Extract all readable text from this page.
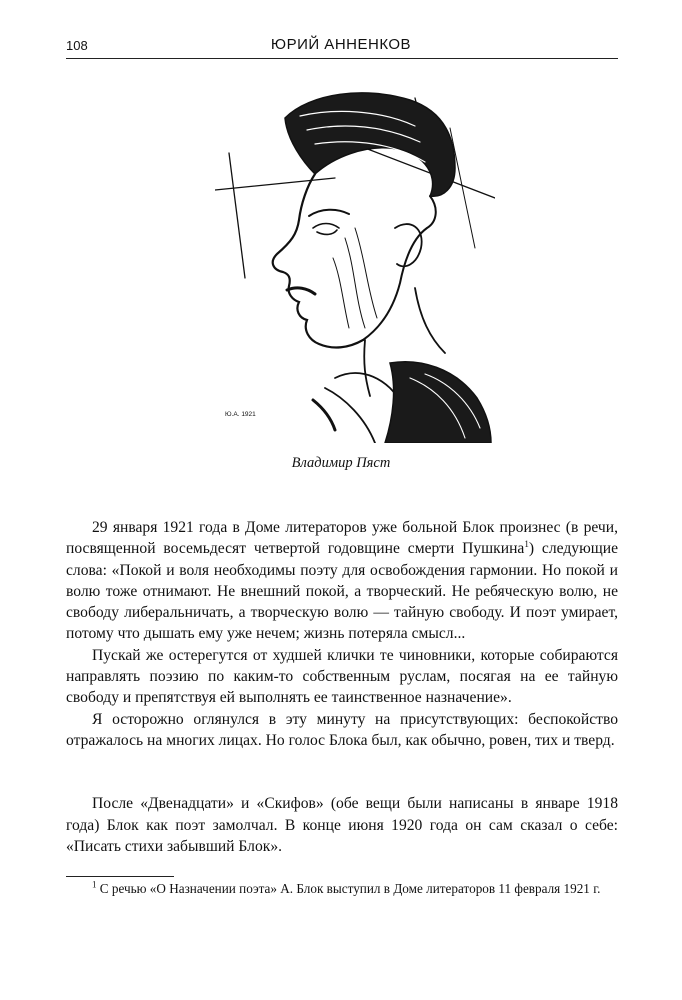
108	ЮРИЙ АННЕНКОВ
Ю.А. 1921
Владимир Пяст

29 января 1921 года в Доме литераторов уже больной Блок произнес (в речи, посвященной восемьдесят четвертой годовщине смерти Пушкина$^1$) следующие слова: «Покой и воля необходимы поэту для освобождения гармонии. Но покой и волю тоже отнимают. Не внешний покой, а творческий. Не ребяческую волю, не свободу либеральничать, а творческую волю — тайную свободу. И поэт умирает, потому что дышать ему уже нечем; жизнь потеряла смысл...

Пускай же остерегутся от худшей клички те чиновники, которые собираются направлять поэзию по каким-то собственным руслам, посягая на ее тайную свободу и препятствуя ей выполнять ее таинственное назначение».

Я осторожно оглянулся в эту минуту на присутствующих: беспокойство отражалось на многих лицах. Но голос Блока был, как обычно, ровен, тих и тверд.

После «Двенадцати» и «Скифов» (обе вещи были написаны в январе 1918 года) Блок как поэт замолчал. В конце июня 1920 года он сам сказал о себе: «Писать стихи забывший Блок».

$^1$ С речью «О Назначении поэта» А. Блок выступил в Доме литераторов 11 февраля 1921 г.
